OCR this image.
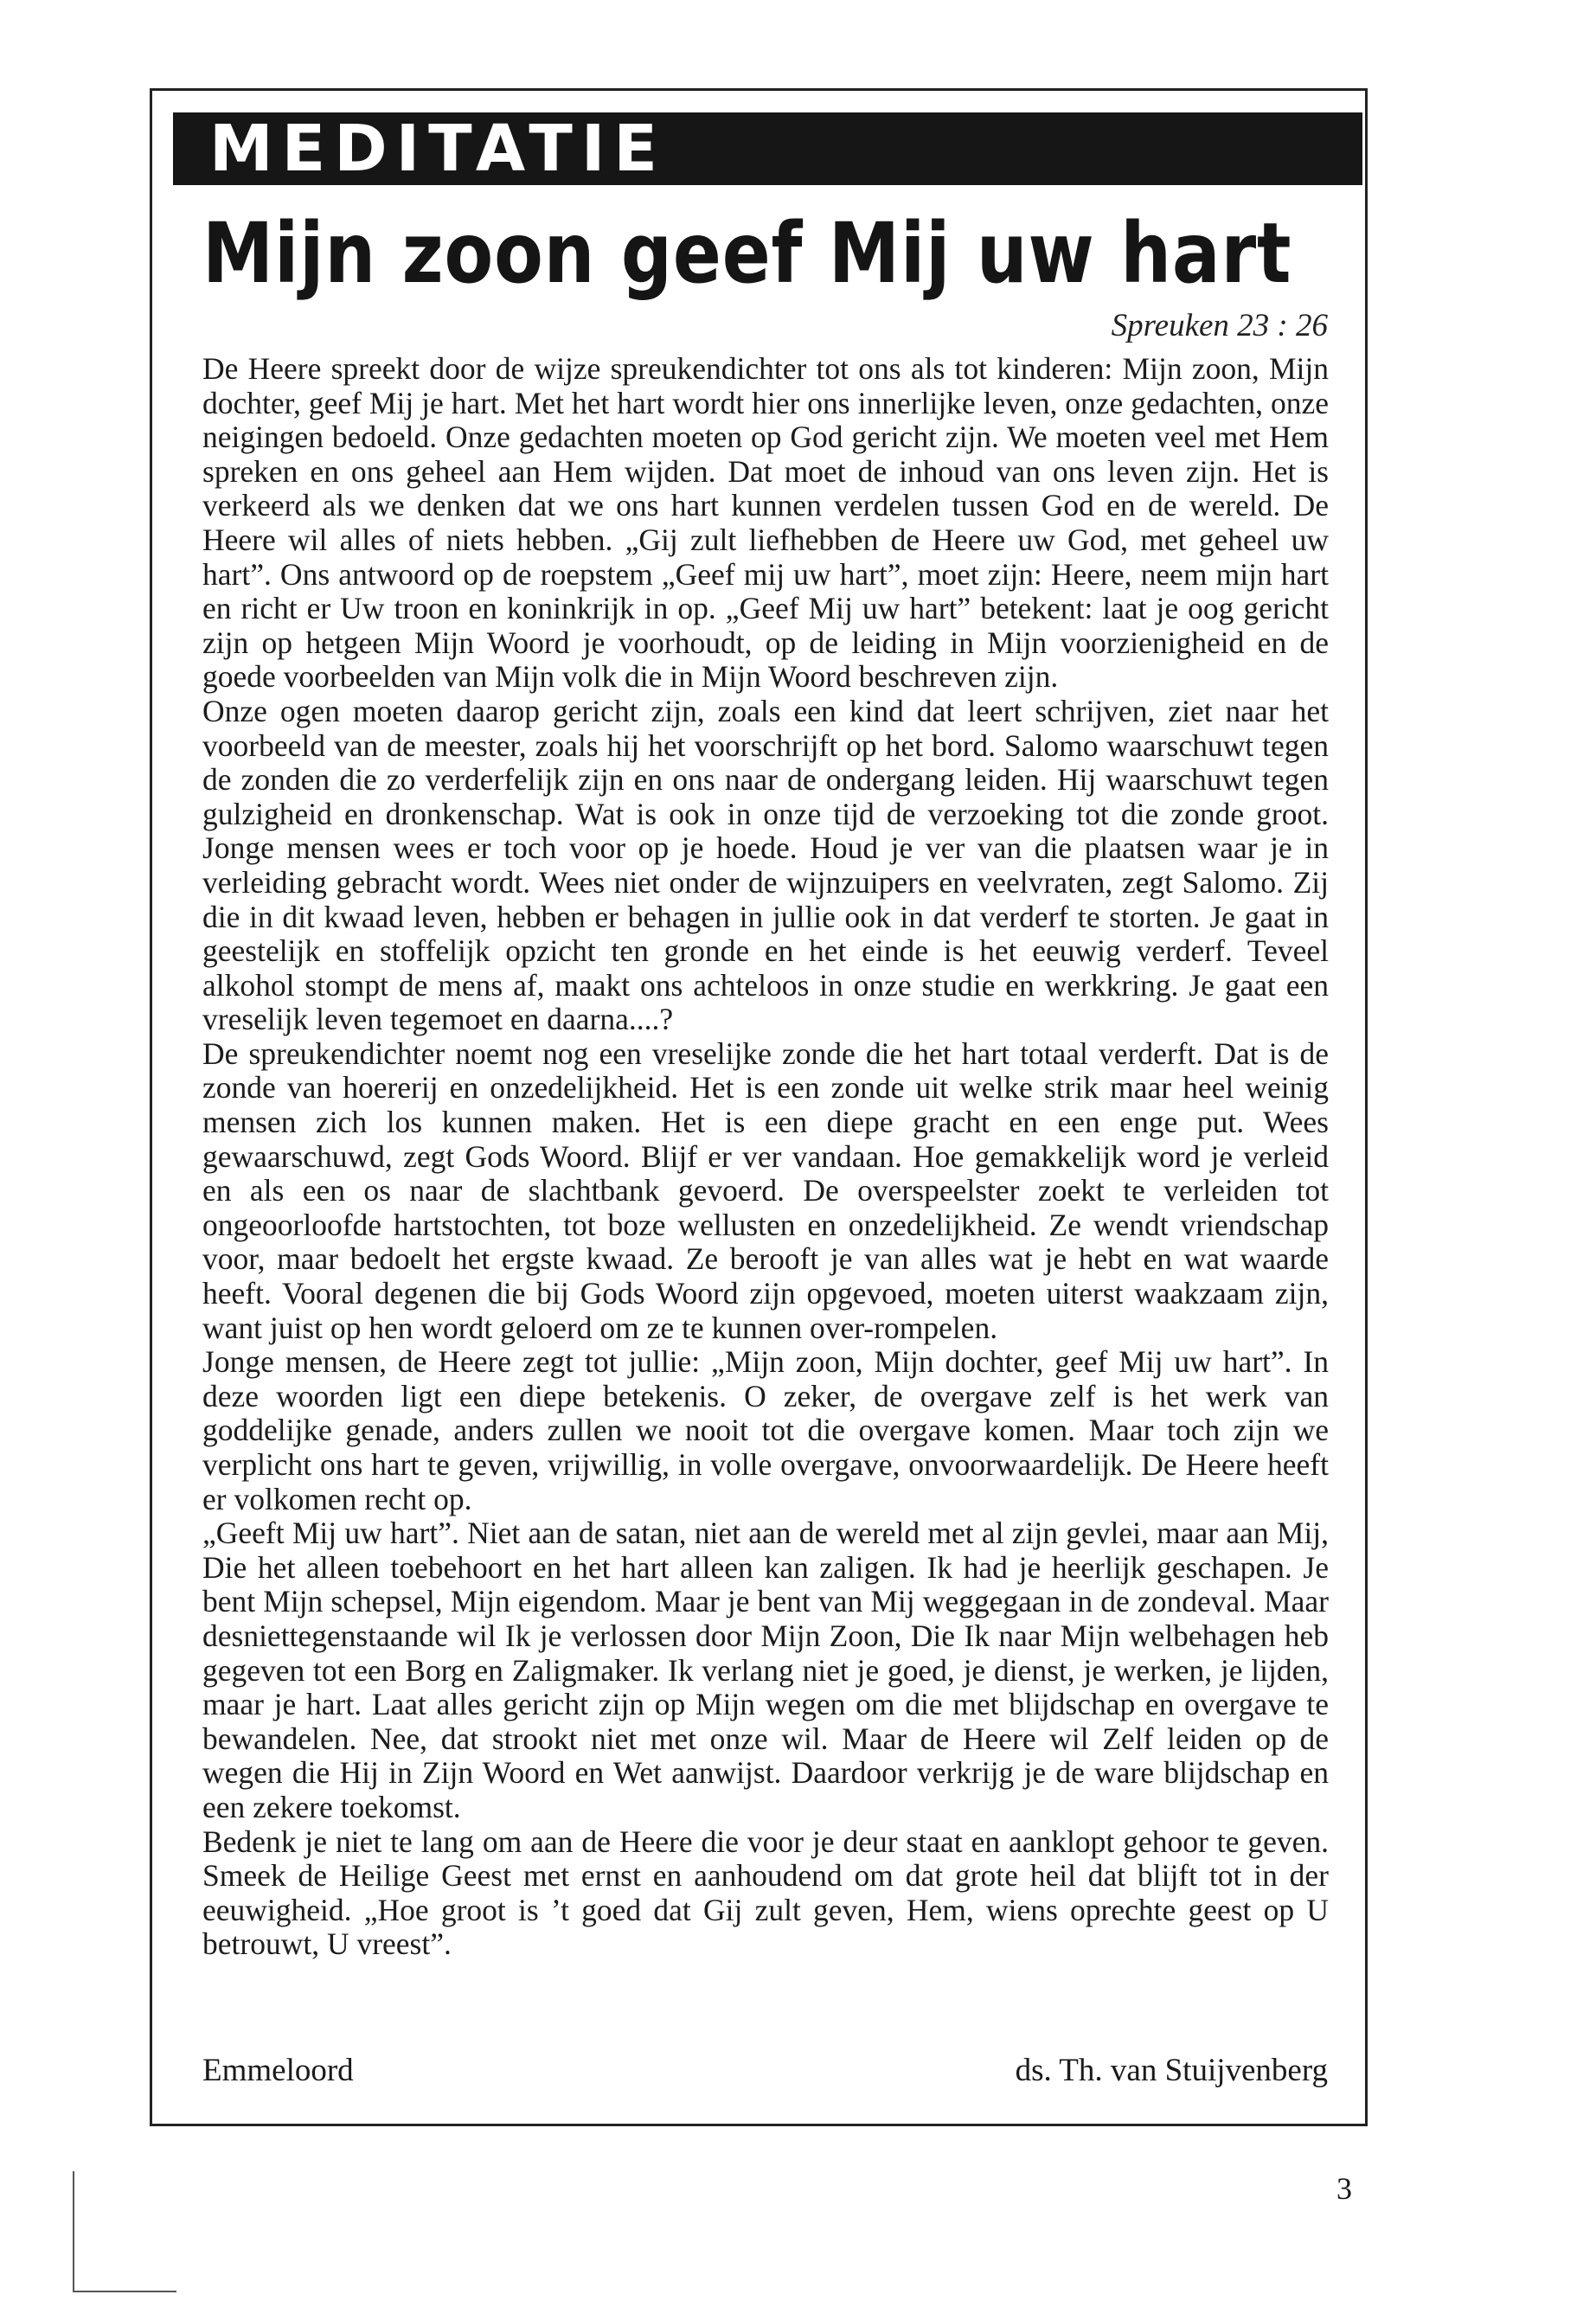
MEDITATIE
Mijn zoon geef Mij uw hart
Spreuken 23 : 26

De Heere spreekt door de wijze spreukendichter tot ons als tot kinderen: Mijn zoon, Mijn dochter, geef Mij je hart. Met het hart wordt hier ons innerlijke leven, onze gedachten, onze neigingen bedoeld. Onze gedachten moeten op God gericht zijn. We moeten veel met Hem spreken en ons geheel aan Hem wijden. Dat moet de inhoud van ons leven zijn. Het is verkeerd als we denken dat we ons hart kunnen verdelen tussen God en de wereld. De Heere wil alles of niets hebben. „Gij zult liefhebben de Heere uw God, met geheel uw hart”. Ons antwoord op de roepstem „Geef mij uw hart”, moet zijn: Heere, neem mijn hart en richt er Uw troon en koninkrijk in op. „Geef Mij uw hart” betekent: laat je oog gericht zijn op hetgeen Mijn Woord je voorhoudt, op de leiding in Mijn voorzienigheid en de goede voorbeelden van Mijn volk die in Mijn Woord beschreven zijn.

Onze ogen moeten daarop gericht zijn, zoals een kind dat leert schrijven, ziet naar het voorbeeld van de meester, zoals hij het voorschrijft op het bord. Salomo waarschuwt tegen de zonden die zo verderfelijk zijn en ons naar de ondergang leiden. Hij waarschuwt tegen gulzigheid en dronkenschap. Wat is ook in onze tijd de verzoeking tot die zonde groot. Jonge mensen wees er toch voor op je hoede. Houd je ver van die plaatsen waar je in verleiding gebracht wordt. Wees niet onder de wijnzuipers en veelvraten, zegt Salomo. Zij die in dit kwaad leven, hebben er behagen in jullie ook in dat verderf te storten. Je gaat in geestelijk en stoffelijk opzicht ten gronde en het einde is het eeuwig verderf. Teveel alkohol stompt de mens af, maakt ons achteloos in onze studie en werkkring. Je gaat een vreselijk leven tegemoet en daarna....?

De spreukendichter noemt nog een vreselijke zonde die het hart totaal verderft. Dat is de zonde van hoererij en onzedelijkheid. Het is een zonde uit welke strik maar heel weinig mensen zich los kunnen maken. Het is een diepe gracht en een enge put. Wees gewaarschuwd, zegt Gods Woord. Blijf er ver vandaan. Hoe gemakkelijk word je verleid en als een os naar de slachtbank gevoerd. De overspeelster zoekt te verleiden tot ongeoorloofde hartstochten, tot boze wellusten en onzedelijkheid. Ze wendt vriendschap voor, maar bedoelt het ergste kwaad. Ze berooft je van alles wat je hebt en wat waarde heeft. Vooral degenen die bij Gods Woord zijn opgevoed, moeten uiterst waakzaam zijn, want juist op hen wordt geloerd om ze te kunnen over-rompelen.

Jonge mensen, de Heere zegt tot jullie: „Mijn zoon, Mijn dochter, geef Mij uw hart”. In deze woorden ligt een diepe betekenis. O zeker, de overgave zelf is het werk van goddelijke genade, anders zullen we nooit tot die overgave komen. Maar toch zijn we verplicht ons hart te geven, vrijwillig, in volle overgave, onvoorwaardelijk. De Heere heeft er volkomen recht op.

„Geeft Mij uw hart”. Niet aan de satan, niet aan de wereld met al zijn gevlei, maar aan Mij, Die het alleen toebehoort en het hart alleen kan zaligen. Ik had je heerlijk geschapen. Je bent Mijn schepsel, Mijn eigendom. Maar je bent van Mij weggegaan in de zondeval. Maar desniettegenstaande wil Ik je verlossen door Mijn Zoon, Die Ik naar Mijn welbehagen heb gegeven tot een Borg en Zaligmaker. Ik verlang niet je goed, je dienst, je werken, je lijden, maar je hart. Laat alles gericht zijn op Mijn wegen om die met blijdschap en overgave te bewandelen. Nee, dat strookt niet met onze wil. Maar de Heere wil Zelf leiden op de wegen die Hij in Zijn Woord en Wet aanwijst. Daardoor verkrijg je de ware blijdschap en een zekere toekomst.

Bedenk je niet te lang om aan de Heere die voor je deur staat en aanklopt gehoor te geven. Smeek de Heilige Geest met ernst en aanhoudend om dat grote heil dat blijft tot in der eeuwigheid. „Hoe groot is ’t goed dat Gij zult geven, Hem, wiens oprechte geest op U betrouwt, U vreest”.

Emmeloord	ds. Th. van Stuijvenberg
3
